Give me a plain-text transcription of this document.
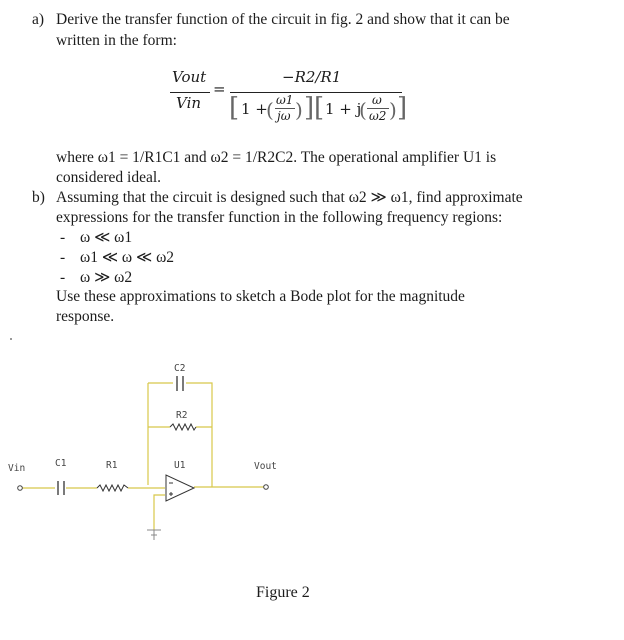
a) Derive the transfer function of the circuit in fig. 2 and show that it can be
written in the form:
Vout
Vin
=
−R2/R1
[ 1 +
( ω1
jω ) ] [ 1 + j
( ω
ω2 ) ]
where ω1 = 1/R1C1 and ω2 = 1/R2C2. The operational amplifier U1 is
considered ideal.
b) Assuming that the circuit is designed such that ω2 ≫ ω1, find approximate
expressions for the transfer function in the following frequency regions:
- ω ≪ ω1
- ω1 ≪ ω ≪ ω2
- ω ≫ ω2
Use these approximations to sketch a Bode plot for the magnitude
response.
C2
R2
Vin	C1	R1	U1	Vout
Figure 2
